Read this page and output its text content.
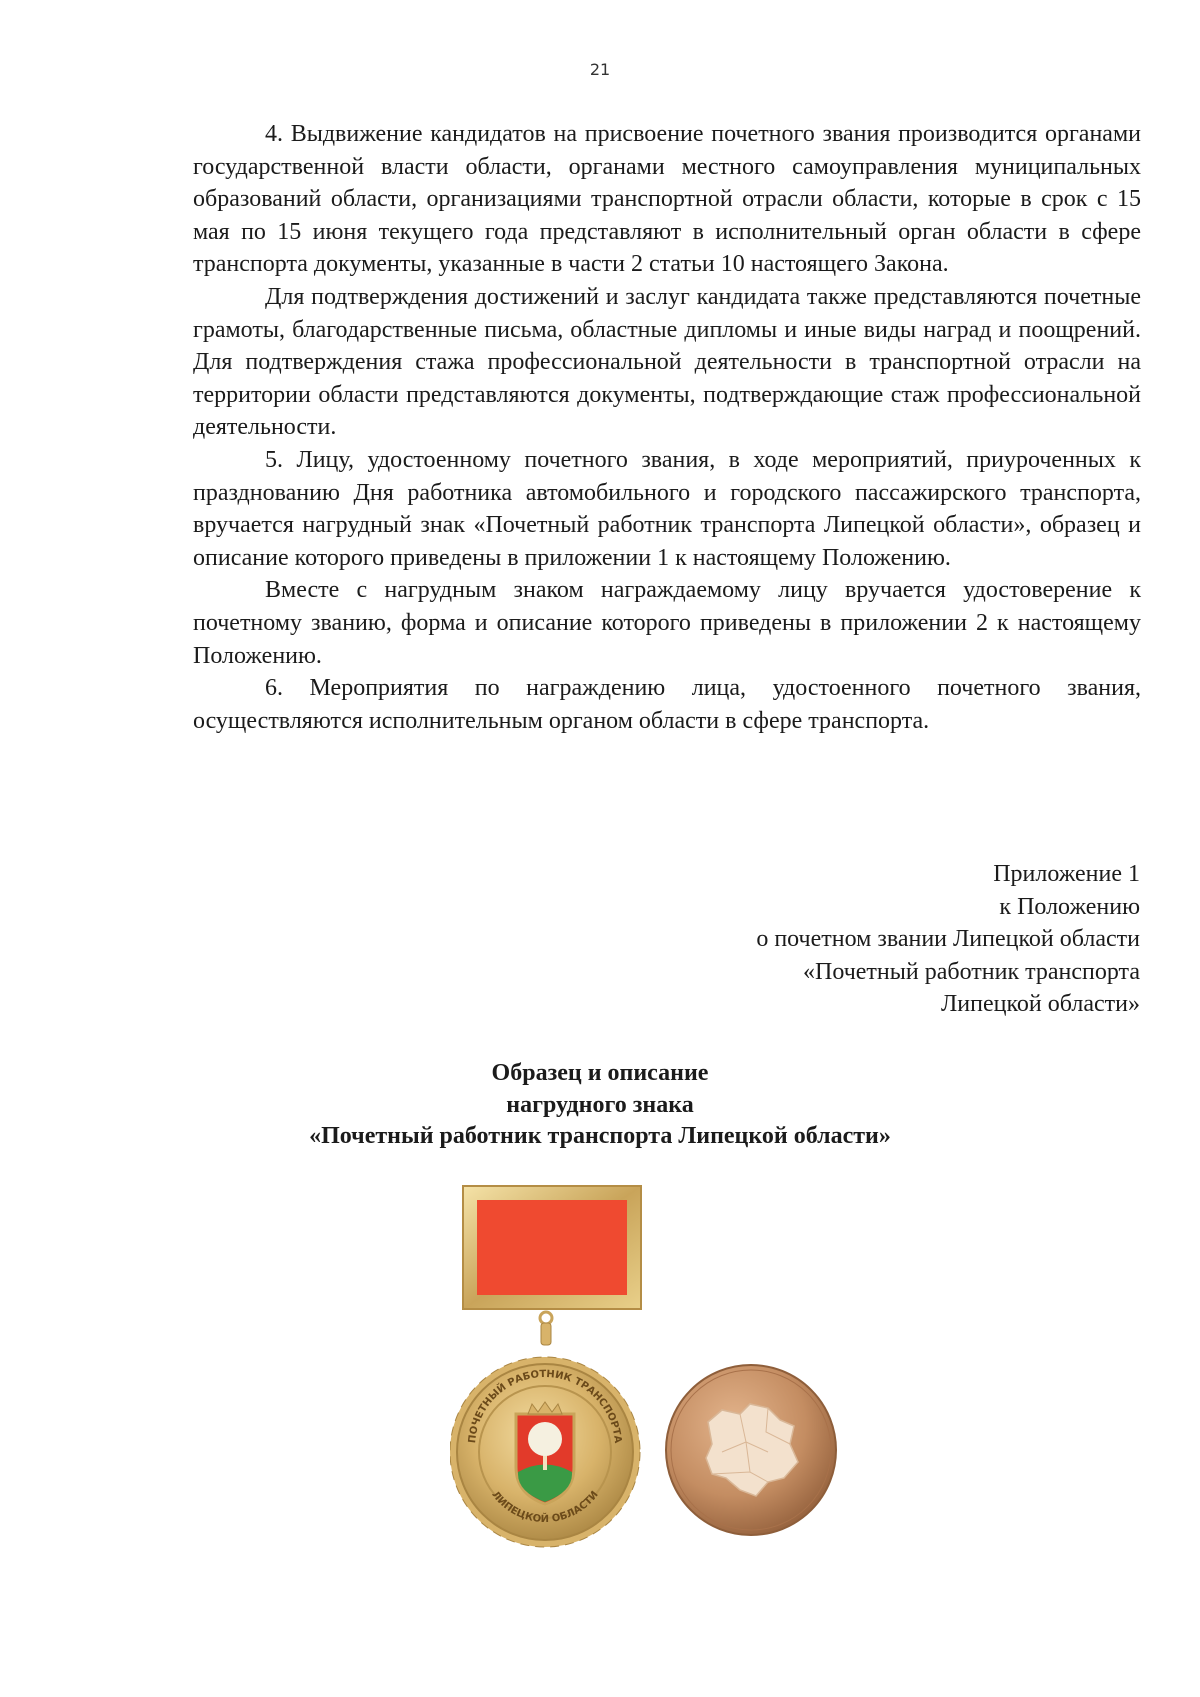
21

4. Выдвижение кандидатов на присвоение почетного звания производится органами государственной власти области, органами местного самоуправления муниципальных образований области, организациями транспортной отрасли области, которые в срок с 15 мая по 15 июня текущего года представляют в исполнительный орган области в сфере транспорта документы, указанные в части 2 статьи 10 настоящего Закона.

Для подтверждения достижений и заслуг кандидата также представляются почетные грамоты, благодарственные письма, областные дипломы и иные виды наград и поощрений. Для подтверждения стажа профессиональной деятельности в транспортной отрасли на территории области представляются документы, подтверждающие стаж профессиональной деятельности.

5. Лицу, удостоенному почетного звания, в ходе мероприятий, приуроченных к празднованию Дня работника автомобильного и городского пассажирского транспорта, вручается нагрудный знак «Почетный работник транспорта Липецкой области», образец и описание которого приведены в приложении 1 к настоящему Положению.

Вместе с нагрудным знаком награждаемому лицу вручается удостоверение к почетному званию, форма и описание которого приведены в приложении 2 к настоящему Положению.

6. Мероприятия по награждению лица, удостоенного почетного звания, осуществляются исполнительным органом области в сфере транспорта.

Приложение 1
к Положению
о почетном звании Липецкой области
«Почетный работник транспорта
Липецкой области»
Образец и описание
нагрудного знака
«Почетный работник транспорта Липецкой области»
ПОЧЕТНЫЙ РАБОТНИК ТРАНСПОРТА
ЛИПЕЦКОЙ ОБЛАСТИ
